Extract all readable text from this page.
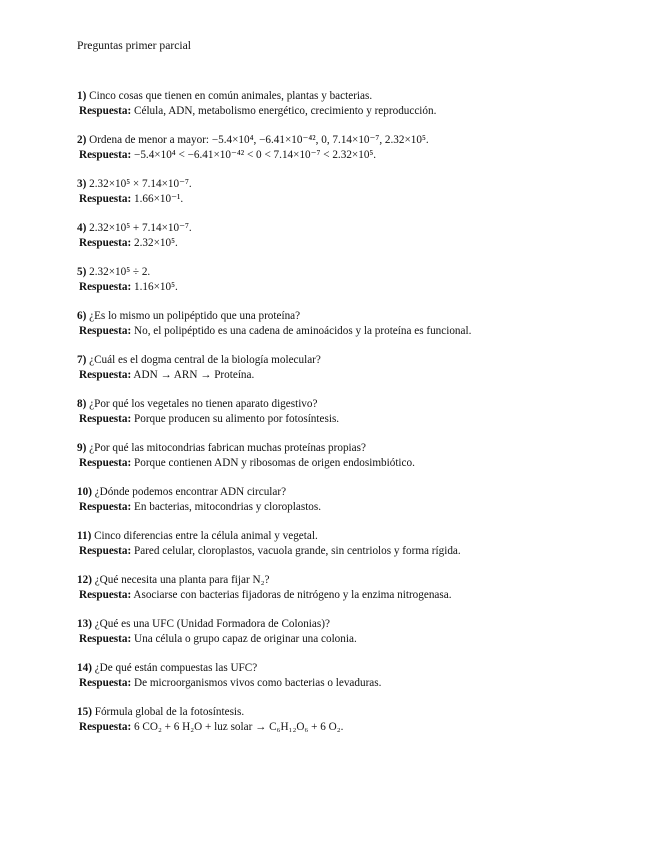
Preguntas primer parcial

1) Cinco cosas que tienen en común animales, plantas y bacterias.

Respuesta: Célula, ADN, metabolismo energético, crecimiento y reproducción.

2) Ordena de menor a mayor: −5.4×10⁴, −6.41×10⁻⁴², 0, 7.14×10⁻⁷, 2.32×10⁵.

Respuesta: −5.4×10⁴ < −6.41×10⁻⁴² < 0 < 7.14×10⁻⁷ < 2.32×10⁵.

3) 2.32×10⁵ × 7.14×10⁻⁷.

Respuesta: 1.66×10⁻¹.

4) 2.32×10⁵ + 7.14×10⁻⁷.

Respuesta: 2.32×10⁵.

5) 2.32×10⁵ ÷ 2.

Respuesta: 1.16×10⁵.

6) ¿Es lo mismo un polipéptido que una proteína?

Respuesta: No, el polipéptido es una cadena de aminoácidos y la proteína es funcional.

7) ¿Cuál es el dogma central de la biología molecular?

Respuesta: ADN → ARN → Proteína.

8) ¿Por qué los vegetales no tienen aparato digestivo?

Respuesta: Porque producen su alimento por fotosíntesis.

9) ¿Por qué las mitocondrias fabrican muchas proteínas propias?

Respuesta: Porque contienen ADN y ribosomas de origen endosimbiótico.

10) ¿Dónde podemos encontrar ADN circular?

Respuesta: En bacterias, mitocondrias y cloroplastos.

11) Cinco diferencias entre la célula animal y vegetal.

Respuesta: Pared celular, cloroplastos, vacuola grande, sin centriolos y forma rígida.

12) ¿Qué necesita una planta para fijar N₂?

Respuesta: Asociarse con bacterias fijadoras de nitrógeno y la enzima nitrogenasa.

13) ¿Qué es una UFC (Unidad Formadora de Colonias)?

Respuesta: Una célula o grupo capaz de originar una colonia.

14) ¿De qué están compuestas las UFC?

Respuesta: De microorganismos vivos como bacterias o levaduras.

15) Fórmula global de la fotosíntesis.

Respuesta: 6 CO₂ + 6 H₂O + luz solar → C₆H₁₂O₆ + 6 O₂.
